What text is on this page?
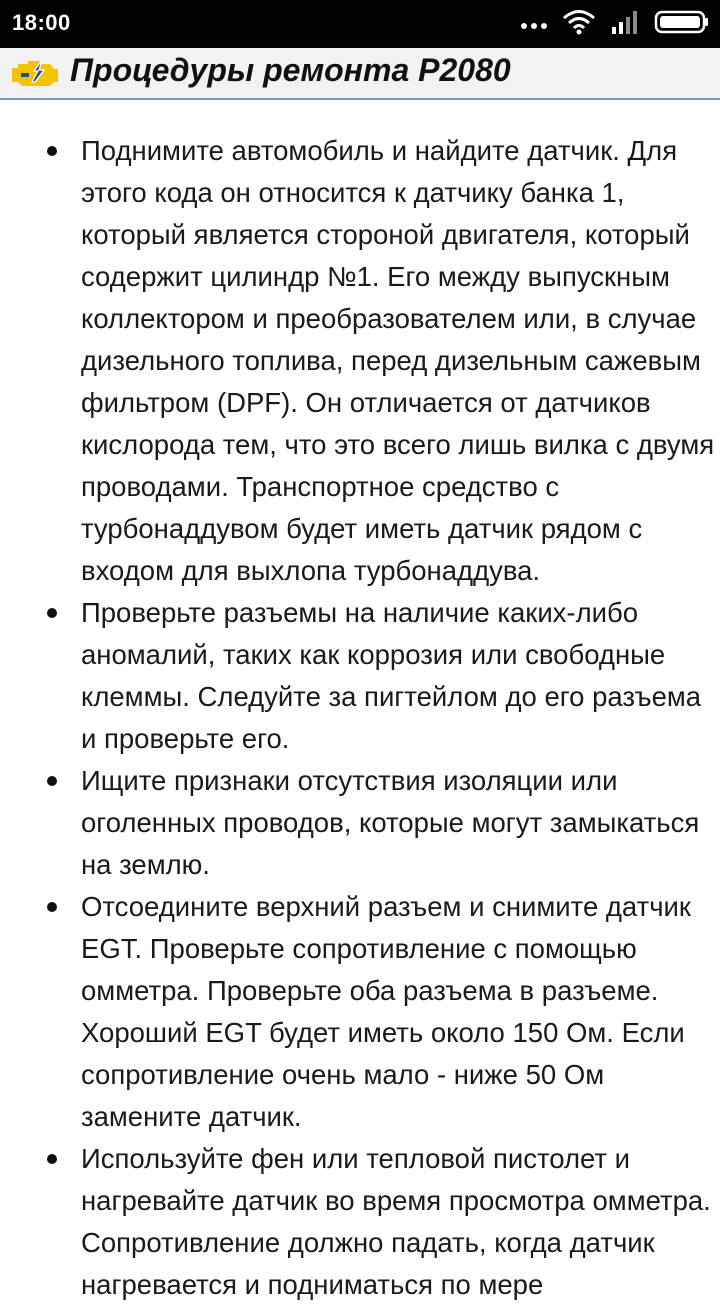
18:00
Процедуры ремонта P2080
Поднимите автомобиль и найдите датчик. Для этого кода он относится к датчику банка 1, который является стороной двигателя, который содержит цилиндр №1. Его между выпускным коллектором и преобразователем или, в случае дизельного топлива, перед дизельным сажевым фильтром (DPF). Он отличается от датчиков кислорода тем, что это всего лишь вилка с двумя проводами. Транспортное средство с турбонаддувом будет иметь датчик рядом с входом для выхлопа турбонаддува.
Проверьте разъемы на наличие каких-либо аномалий, таких как коррозия или свободные клеммы. Следуйте за пигтейлом до его разъема и проверьте его.
Ищите признаки отсутствия изоляции или оголенных проводов, которые могут замыкаться на землю.
Отсоедините верхний разъем и снимите датчик EGT. Проверьте сопротивление с помощью омметра. Проверьте оба разъема в разъеме. Хороший EGT будет иметь около 150 Ом. Если сопротивление очень мало - ниже 50 Ом замените датчик.
Используйте фен или тепловой пистолет и нагревайте датчик во время просмотра омметра. Сопротивление должно падать, когда датчик нагревается и подниматься по мере
